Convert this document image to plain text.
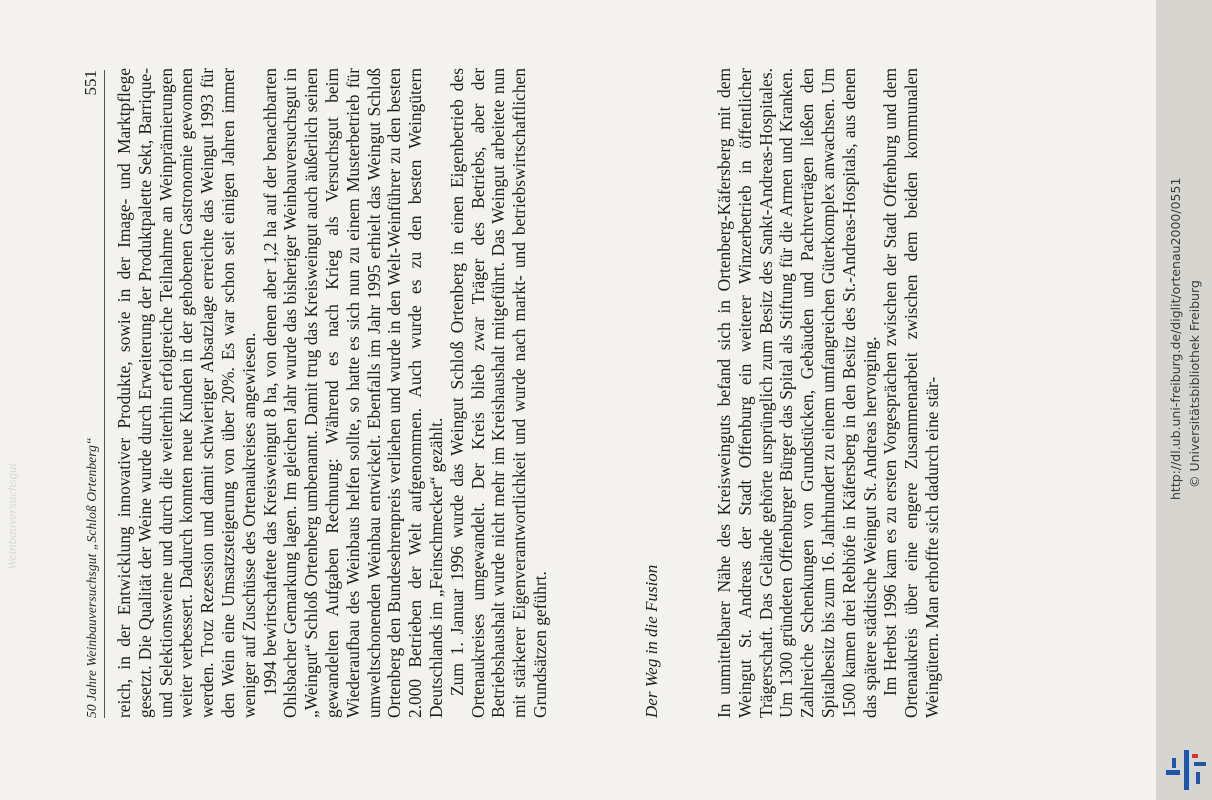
Weinbauversuchsgut	50 Jahre Weinbauversuchsgut „Schloß Ortenberg“
551 reich, in der Entwicklung innovativer Produkte, sowie in der Image- und Marktpflege gesetzt. Die Qualität der Weine wurde durch Erweiterung der Produktpalette Sekt, Barrique- und Selektionsweine und durch die weiterhin erfolgreiche Teilnahme an Weinprämierungen weiter verbessert. Dadurch konnten neue Kunden in der gehobenen Gastronomie gewonnen werden. Trotz Rezession und damit schwieriger Absatzlage erreichte das Weingut 1993 für den Wein eine Umsatzsteigerung von über 20%. Es war schon seit einigen Jahren immer weniger auf Zuschüsse des Ortenaukreises angewiesen. 1994 bewirtschaftete das Kreisweingut 8 ha, von denen aber 1,2 ha auf der benachbarten Ohlsbacher Gemarkung lagen. Im gleichen Jahr wurde das bisheriger Weinbauversuchsgut in „Weingut“ Schloß Ortenberg umbenannt. Damit trug das Kreisweingut auch äußerlich seinen gewandelten Aufgaben Rechnung: Während es nach Krieg als Versuchsgut beim Wiederaufbau des Weinbaus helfen sollte, so hatte es sich nun zu einem Musterbetrieb für umweltschonenden Weinbau entwickelt. Ebenfalls im Jahr 1995 erhielt das Weingut Schloß Ortenberg den Bundesehrenpreis verliehen und wurde in den Welt-Weinführer zu den besten 2.000 Betrieben der Welt aufgenommen. Auch wurde es zu den besten Weingütern Deutschlands im „Feinschmecker“ gezählt. Zum 1. Januar 1996 wurde das Weingut Schloß Ortenberg in einen Eigenbetrieb des Ortenaukreises umgewandelt. Der Kreis blieb zwar Träger des Betriebs, aber der Betriebshaushalt wurde nicht mehr im Kreishaushalt mitgeführt. Das Weingut arbeitete nun mit stärkerer Eigenverantwortlichkeit und wurde nach markt- und betriebswirtschaftlichen Grundsätzen geführt.	Der Weg in die Fusion	In unmittelbarer Nähe des Kreisweinguts befand sich in Ortenberg-Käfersberg mit dem Weingut St. Andreas der Stadt Offenburg ein weiterer Winzerbetrieb in öffentlicher Trägerschaft. Das Gelände gehörte ursprünglich zum Besitz des Sankt-Andreas-Hospitales. Um 1300 gründeten Offenburger Bürger das Spital als Stiftung für die Armen und Kranken. Zahlreiche Schenkungen von Grundstücken, Gebäuden und Pachtverträgen ließen den Spitalbesitz bis zum 16. Jahrhundert zu einem umfangreichen Güterkomplex anwachsen. Um 1500 kamen drei Rebhöfe in Käfersberg in den Besitz des St.-Andreas-Hospitals, aus denen das spätere städtische Weingut St. Andreas hervorging. Im Herbst 1996 kam es zu ersten Vorgesprächen zwischen der Stadt Offenburg und dem Ortenaukreis über eine engere Zusammenarbeit zwischen dem beiden kommunalen Weingütern. Man erhoffte sich dadurch eine stär-

http://dl.ub.uni-freiburg.de/diglit/ortenau2000/0551 © Universitätsbibliothek Freiburg
